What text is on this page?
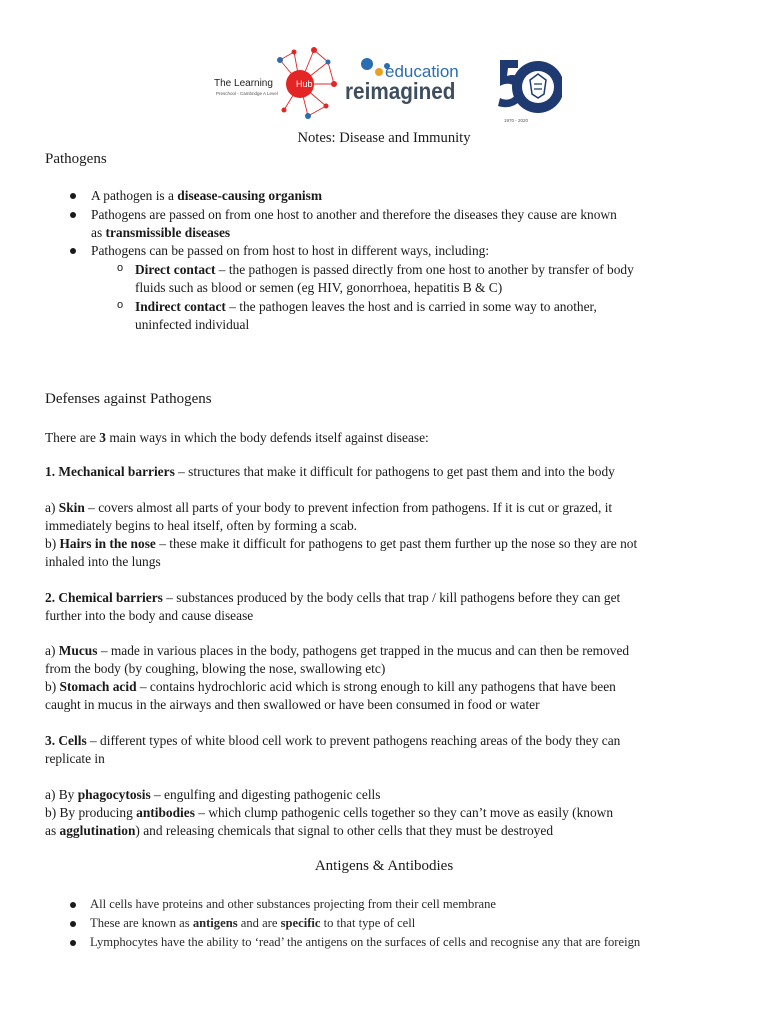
The Learning
Preschool - Cambridge A Level
Hub
education
reimagined
1970 - 2020
Notes: Disease and Immunity
Pathogens
A pathogen is a disease-causing organism
Pathogens are passed on from one host to another and therefore the diseases they cause are known
as transmissible diseases
Pathogens can be passed on from host to host in different ways, including:
o Direct contact – the pathogen is passed directly from one host to another by transfer of body
fluids such as blood or semen (eg HIV, gonorrhoea, hepatitis B & C)
o Indirect contact – the pathogen leaves the host and is carried in some way to another,
uninfected individual
Defenses against Pathogens
There are 3 main ways in which the body defends itself against disease:
1. Mechanical barriers – structures that make it difficult for pathogens to get past them and into the body
a) Skin – covers almost all parts of your body to prevent infection from pathogens. If it is cut or grazed, it
immediately begins to heal itself, often by forming a scab.
b) Hairs in the nose – these make it difficult for pathogens to get past them further up the nose so they are not
inhaled into the lungs
2. Chemical barriers – substances produced by the body cells that trap / kill pathogens before they can get
further into the body and cause disease
a) Mucus – made in various places in the body, pathogens get trapped in the mucus and can then be removed
from the body (by coughing, blowing the nose, swallowing etc)
b) Stomach acid – contains hydrochloric acid which is strong enough to kill any pathogens that have been
caught in mucus in the airways and then swallowed or have been consumed in food or water
3. Cells – different types of white blood cell work to prevent pathogens reaching areas of the body they can
replicate in
a) By phagocytosis – engulfing and digesting pathogenic cells
b) By producing antibodies – which clump pathogenic cells together so they can’t move as easily (known
as agglutination) and releasing chemicals that signal to other cells that they must be destroyed
Antigens & Antibodies
All cells have proteins and other substances projecting from their cell membrane
These are known as antigens and are specific to that type of cell
Lymphocytes have the ability to ‘read’ the antigens on the surfaces of cells and recognise any that are foreign
